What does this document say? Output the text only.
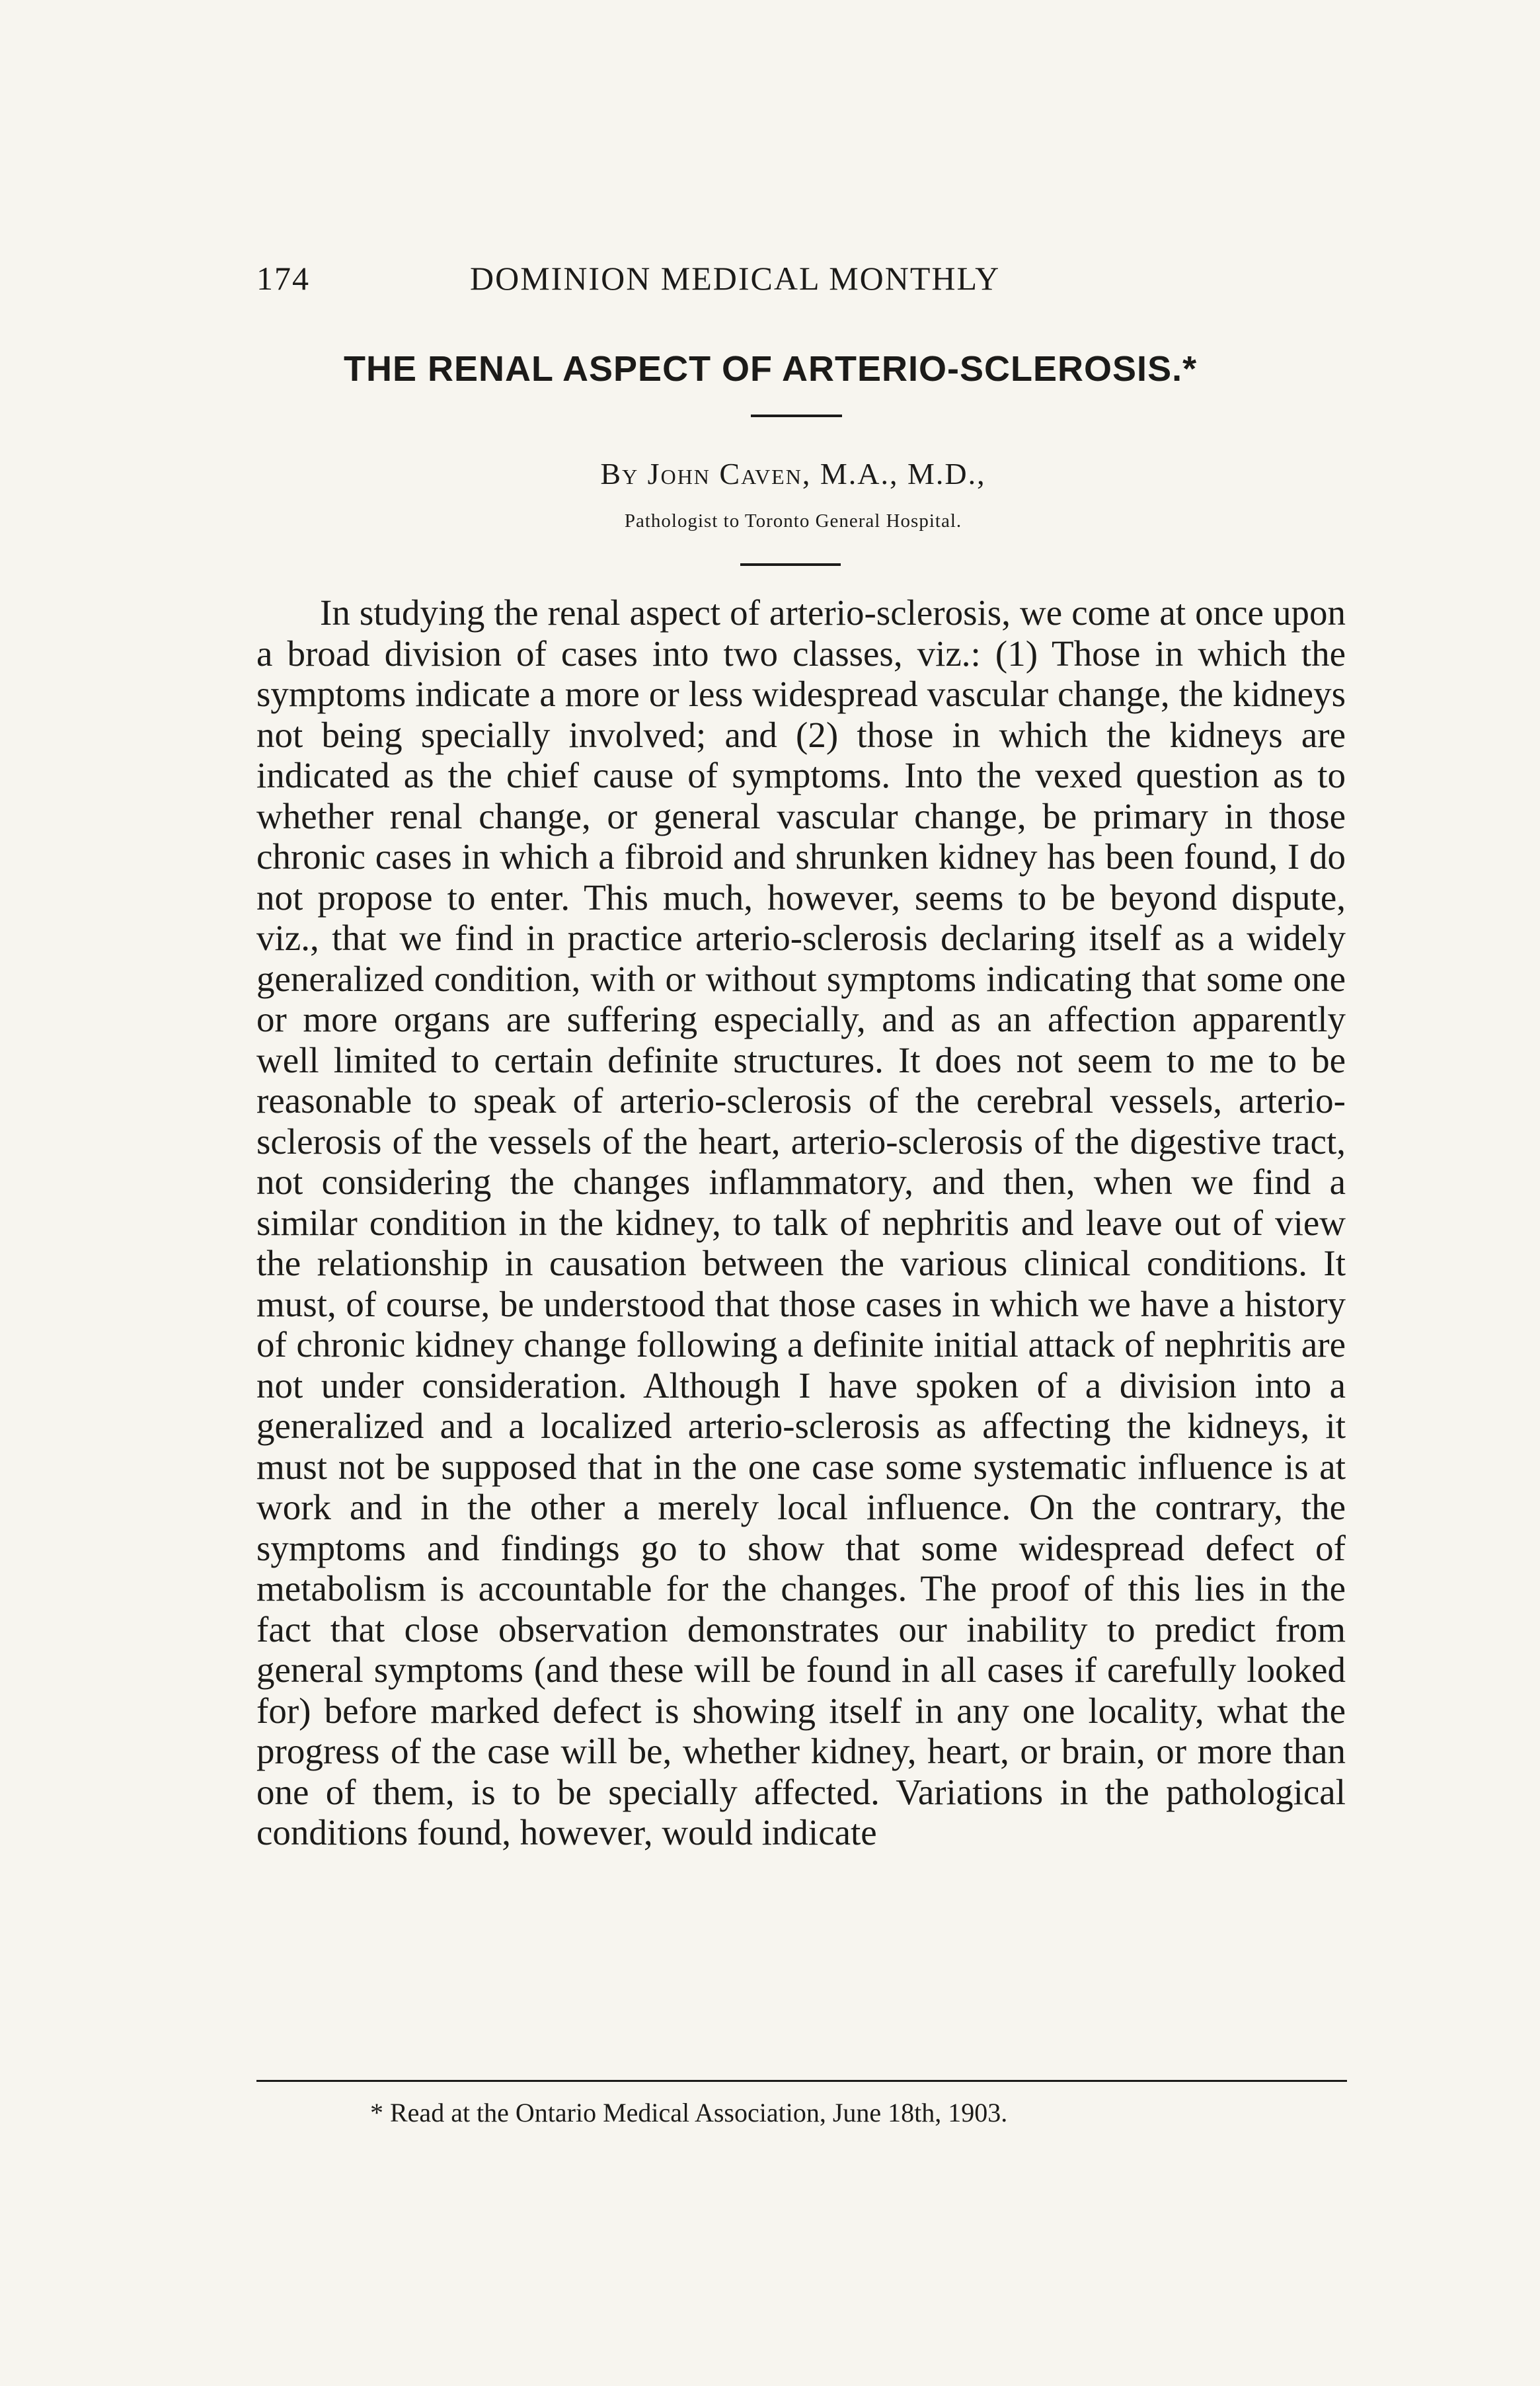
174	DOMINION MEDICAL MONTHLY
THE RENAL ASPECT OF ARTERIO-SCLEROSIS.*
By John Caven, M.A., M.D.,
Pathologist to Toronto General Hospital.

In studying the renal aspect of arterio-sclerosis, we come at once upon a broad division of cases into two classes, viz.: (1) Those in which the symptoms indicate a more or less widespread vascular change, the kidneys not being specially involved; and (2) those in which the kidneys are indicated as the chief cause of symptoms. Into the vexed question as to whether renal change, or general vascular change, be primary in those chronic cases in which a fibroid and shrunken kidney has been found, I do not propose to enter. This much, however, seems to be beyond dispute, viz., that we find in practice arterio-sclerosis declaring itself as a widely generalized condition, with or without symptoms indicating that some one or more organs are suffering especially, and as an affection apparently well limited to certain definite structures. It does not seem to me to be reasonable to speak of arterio-sclerosis of the cerebral vessels, arterio-sclerosis of the vessels of the heart, arterio-sclerosis of the digestive tract, not considering the changes inflammatory, and then, when we find a similar condition in the kidney, to talk of nephritis and leave out of view the relationship in causation between the various clinical conditions. It must, of course, be understood that those cases in which we have a history of chronic kidney change following a definite initial attack of nephritis are not under consideration. Although I have spoken of a division into a generalized and a localized arterio-sclerosis as affecting the kidneys, it must not be supposed that in the one case some systematic influence is at work and in the other a merely local influence. On the contrary, the symptoms and findings go to show that some widespread defect of metabolism is accountable for the changes. The proof of this lies in the fact that close observation demonstrates our inability to predict from general symptoms (and these will be found in all cases if carefully looked for) before marked defect is showing itself in any one locality, what the progress of the case will be, whether kidney, heart, or brain, or more than one of them, is to be specially affected. Variations in the pathological conditions found, however, would indicate

* Read at the Ontario Medical Association, June 18th, 1903.
